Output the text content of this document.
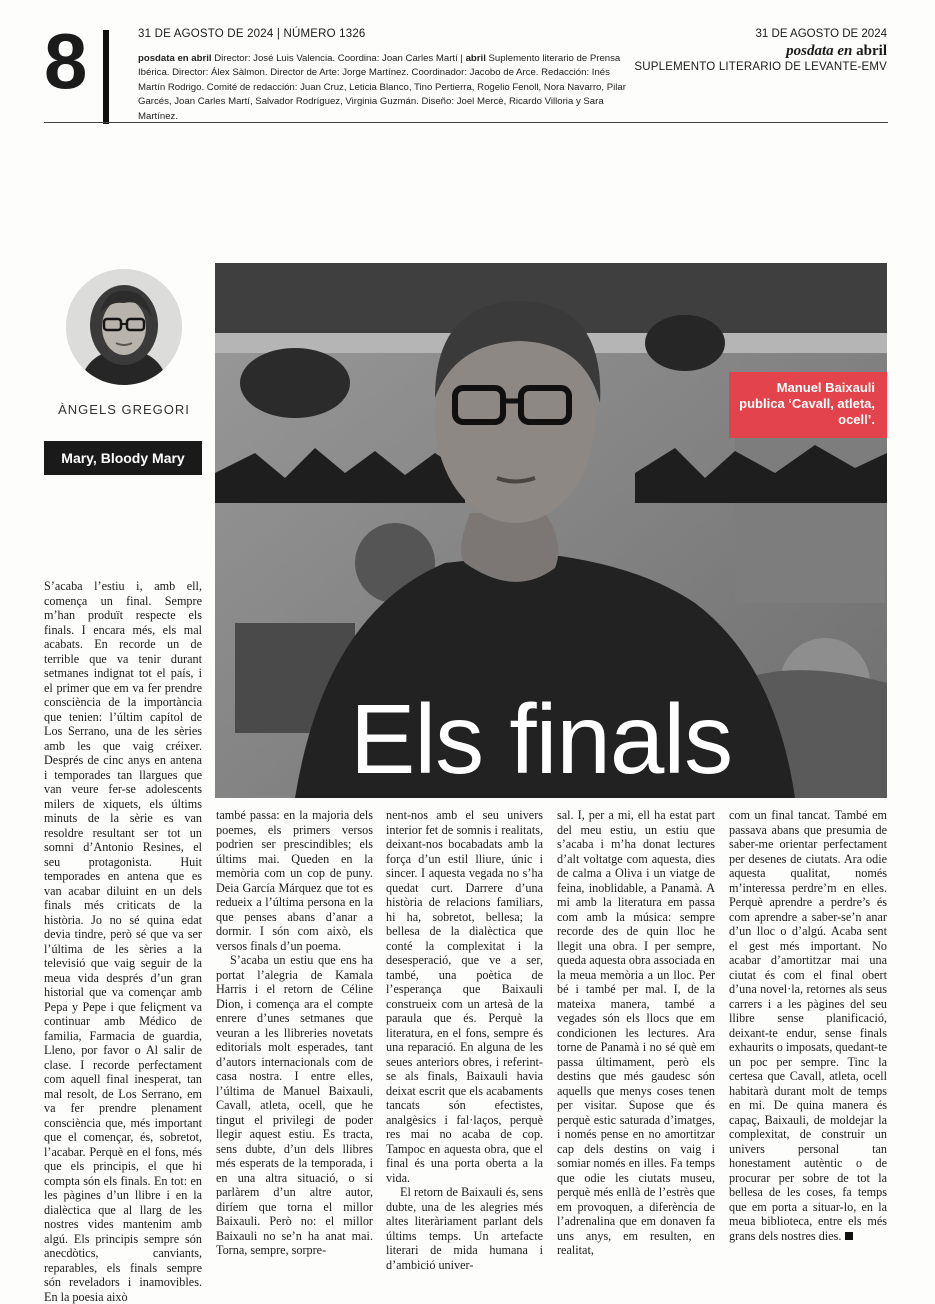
8	31 DE AGOSTO DE 2024 | NÚMERO 1326
posdata en abril Director: José Luis Valencia. Coordina: Joan Carles Martí | abril Suplemento literario de Prensa Ibérica. Director: Álex Sàlmon. Director de Arte: Jorge Martínez. Coordinador: Jacobo de Arce. Redacción: Inés Martín Rodrigo. Comité de redacción: Juan Cruz, Leticia Blanco, Tino Pertierra, Rogelio Fenoll, Nora Navarro, Pilar Garcés, Joan Carles Martí, Salvador Rodríguez, Virginia Guzmán. Diseño: Joel Mercè, Ricardo Villoria y Sara Martínez.
31 DE AGOSTO DE 2024
posdata en abril
SUPLEMENTO LITERARIO DE LEVANTE-EMV
ÀNGELS GREGORI
Mary, Bloody Mary
Manuel Baixauli publica ‘Cavall, atleta, ocell’.
Els finals

S’acaba l’estiu i, amb ell, comença un final. Sempre m’han produït respecte els finals. I encara més, els mal acabats. En recorde un de terrible que va tenir durant setmanes indignat tot el país, i el primer que em va fer prendre consciència de la importància que tenien: l’últim capítol de Los Serrano, una de les sèries amb les que vaig créixer. Després de cinc anys en antena i temporades tan llargues que van veure fer-se adolescents milers de xiquets, els últims minuts de la sèrie es van resoldre resultant ser tot un somni d’Antonio Resines, el seu protagonista. Huit temporades en antena que es van acabar diluint en un dels finals més criticats de la història. Jo no sé quina edat devia tindre, però sé que va ser l’última de les sèries a la televisió que vaig seguir de la meua vida després d’un gran historial que va començar amb Pepa y Pepe i que feliçment va continuar amb Médico de familia, Farmacia de guardia, Lleno, por favor o Al salir de clase. I recorde perfectament com aquell final inesperat, tan mal resolt, de Los Serrano, em va fer prendre plenament consciència que, més important que el començar, és, sobretot, l’acabar. Perquè en el fons, més que els principis, el que hi compta són els finals. En tot: en les pàgines d’un llibre i en la dialèctica que al llarg de les nostres vides mantenim amb algú. Els principis sempre són anecdòtics, canviants, reparables, els finals sempre són reveladors i inamovibles. En la poesia això

també passa: en la majoria dels poemes, els primers versos podrien ser prescindibles; els últims mai. Queden en la memòria com un cop de puny. Deia García Márquez que tot es redueix a l’última persona en la que penses abans d’anar a dormir. I són com això, els versos finals d’un poema.

S’acaba un estiu que ens ha portat l’alegria de Kamala Harris i el retorn de Céline Dion, i comença ara el compte enrere d’unes setmanes que veuran a les llibreries novetats editorials molt esperades, tant d’autors internacionals com de casa nostra. I entre elles, l’última de Manuel Baixauli, Cavall, atleta, ocell, que he tingut el privilegi de poder llegir aquest estiu. Es tracta, sens dubte, d’un dels llibres més esperats de la temporada, i en una altra situació, o si parlàrem d’un altre autor, diríem que torna el millor Baixauli. Però no: el millor Baixauli no se’n ha anat mai. Torna, sempre, sorpre-

nent-nos amb el seu univers interior fet de somnis i realitats, deixant-nos bocabadats amb la força d’un estil lliure, únic i sincer. I aquesta vegada no s’ha quedat curt. Darrere d’una història de relacions familiars, hi ha, sobretot, bellesa; la bellesa de la dialèctica que conté la complexitat i la desesperació, que ve a ser, també, una poètica de l’esperança que Baixauli construeix com un artesà de la paraula que és. Perquè la literatura, en el fons, sempre és una reparació. En alguna de les seues anteriors obres, i referint-se als finals, Baixauli havia deixat escrit que els acabaments tancats són efectistes, analgèsics i fal·laços, perquè res mai no acaba de cop. Tampoc en aquesta obra, que el final és una porta oberta a la vida.

El retorn de Baixauli és, sens dubte, una de les alegries més altes literàriament parlant dels últims temps. Un artefacte literari de mida humana i d’ambició univer-

sal. I, per a mi, ell ha estat part del meu estiu, un estiu que s’acaba i m’ha donat lectures d’alt voltatge com aquesta, dies de calma a Oliva i un viatge de feina, inoblidable, a Panamà. A mi amb la literatura em passa com amb la música: sempre recorde des de quin lloc he llegit una obra. I per sempre, queda aquesta obra associada en la meua memòria a un lloc. Per bé i també per mal. I, de la mateixa manera, també a vegades són els llocs que em condicionen les lectures. Ara torne de Panamà i no sé què em passa últimament, però els destins que més gaudesc són aquells que menys coses tenen per visitar. Supose que és perquè estic saturada d’imatges, i només pense en no amortitzar cap dels destins on vaig i somiar només en illes. Fa temps que odie les ciutats museu, perquè més enllà de l’estrès que em provoquen, a diferència de l’adrenalina que em donaven fa uns anys, em resulten, en realitat,

com un final tancat. També em passava abans que presumia de saber-me orientar perfectament per desenes de ciutats. Ara odie aquesta qualitat, només m’interessa perdre’m en elles. Perquè aprendre a perdre’s és com aprendre a saber-se’n anar d’un lloc o d’algú. Acaba sent el gest més important. No acabar d’amortitzar mai una ciutat és com el final obert d’una novel·la, retornes als seus carrers i a les pàgines del seu llibre sense planificació, deixant-te endur, sense finals exhaurits o imposats, quedant-te un poc per sempre. Tinc la certesa que Cavall, atleta, ocell habitarà durant molt de temps en mi. De quina manera és capaç, Baixauli, de moldejar la complexitat, de construir un univers personal tan honestament autèntic o de procurar per sobre de tot la bellesa de les coses, fa temps que em porta a situar-lo, en la meua biblioteca, entre els més grans dels nostres dies.
